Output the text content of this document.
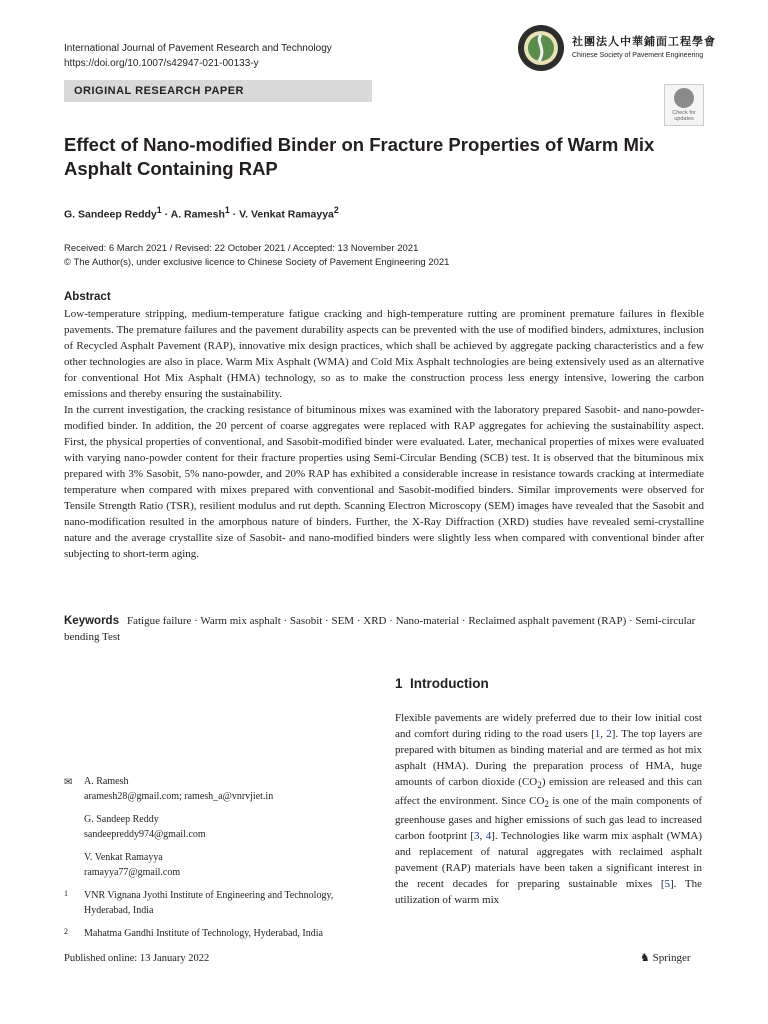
International Journal of Pavement Research and Technology
https://doi.org/10.1007/s42947-021-00133-y
社團法人中華鋪面工程學會
Chinese Society of Pavement Engineering
ORIGINAL RESEARCH PAPER
Check for
updates
Effect of Nano-modified Binder on Fracture Properties of Warm Mix Asphalt Containing RAP
G. Sandeep Reddy$^1$ · A. Ramesh$^1$ · V. Venkat Ramayya$^2$
Received: 6 March 2021 / Revised: 22 October 2021 / Accepted: 13 November 2021
© The Author(s), under exclusive licence to Chinese Society of Pavement Engineering 2021
Abstract

Low-temperature stripping, medium-temperature fatigue cracking and high-temperature rutting are prominent premature failures in flexible pavements. The premature failures and the pavement durability aspects can be prevented with the use of modified binders, admixtures, inclusion of Recycled Asphalt Pavement (RAP), innovative mix design practices, which shall be achieved by aggregate packing characteristics and a few other technologies are also in place. Warm Mix Asphalt (WMA) and Cold Mix Asphalt technologies are being extensively used as an alternative for conventional Hot Mix Asphalt (HMA) technology, so as to make the construction process less energy intensive, lowering the carbon emissions and thereby ensuring the sustainability.

In the current investigation, the cracking resistance of bituminous mixes was examined with the laboratory prepared Sasobit- and nano-powder-modified binder. In addition, the 20 percent of coarse aggregates were replaced with RAP aggregates for achieving the sustainability aspect. First, the physical properties of conventional, and Sasobit-modified binder were evaluated. Later, mechanical properties of mixes were evaluated with varying nano-powder content for their fracture properties using Semi-Circular Bending (SCB) test. It is observed that the bituminous mix prepared with 3% Sasobit, 5% nano-powder, and 20% RAP has exhibited a considerable increase in resistance towards cracking at intermediate temperature when compared with mixes prepared with conventional and Sasobit-modified binders. Similar improvements were observed for Tensile Strength Ratio (TSR), resilient modulus and rut depth. Scanning Electron Microscopy (SEM) images have revealed that the Sasobit and nano-modification resulted in the amorphous nature of binders. Further, the X-Ray Diffraction (XRD) studies have revealed semi-crystalline nature and the average crystallite size of Sasobit- and nano-modified binders were slightly less when compared with conventional binder after subjecting to short-term aging.

Keywords Fatigue failure · Warm mix asphalt · Sasobit · SEM · XRD · Nano-material · Reclaimed asphalt pavement (RAP) · Semi-circular bending Test
1 Introduction

Flexible pavements are widely preferred due to their low initial cost and comfort during riding to the road users [1, 2]. The top layers are prepared with bitumen as binding material and are termed as hot mix asphalt (HMA). During the preparation process of HMA, huge amounts of carbon dioxide $(CO_2)$ emission are released and this can affect the environment. Since $CO_2$ is one of the main components of greenhouse gases and higher emissions of such gas lead to increased carbon footprint [3, 4]. Technologies like warm mix asphalt (WMA) and replacement of natural aggregates with reclaimed asphalt pavement (RAP) materials have been taken a significant interest in the recent decades for preparing sustainable mixes [5]. The utilization of warm mix

✉ A. Ramesh
aramesh28@gmail.com; ramesh_a@vnrvjiet.in
G. Sandeep Reddy
sandeepreddy974@gmail.com
V. Venkat Ramayya
ramayya77@gmail.com
1 VNR Vignana Jyothi Institute of Engineering and Technology, Hyderabad, India
2 Mahatma Gandhi Institute of Technology, Hyderabad, India
Published online: 13 January 2022	♞ Springer
